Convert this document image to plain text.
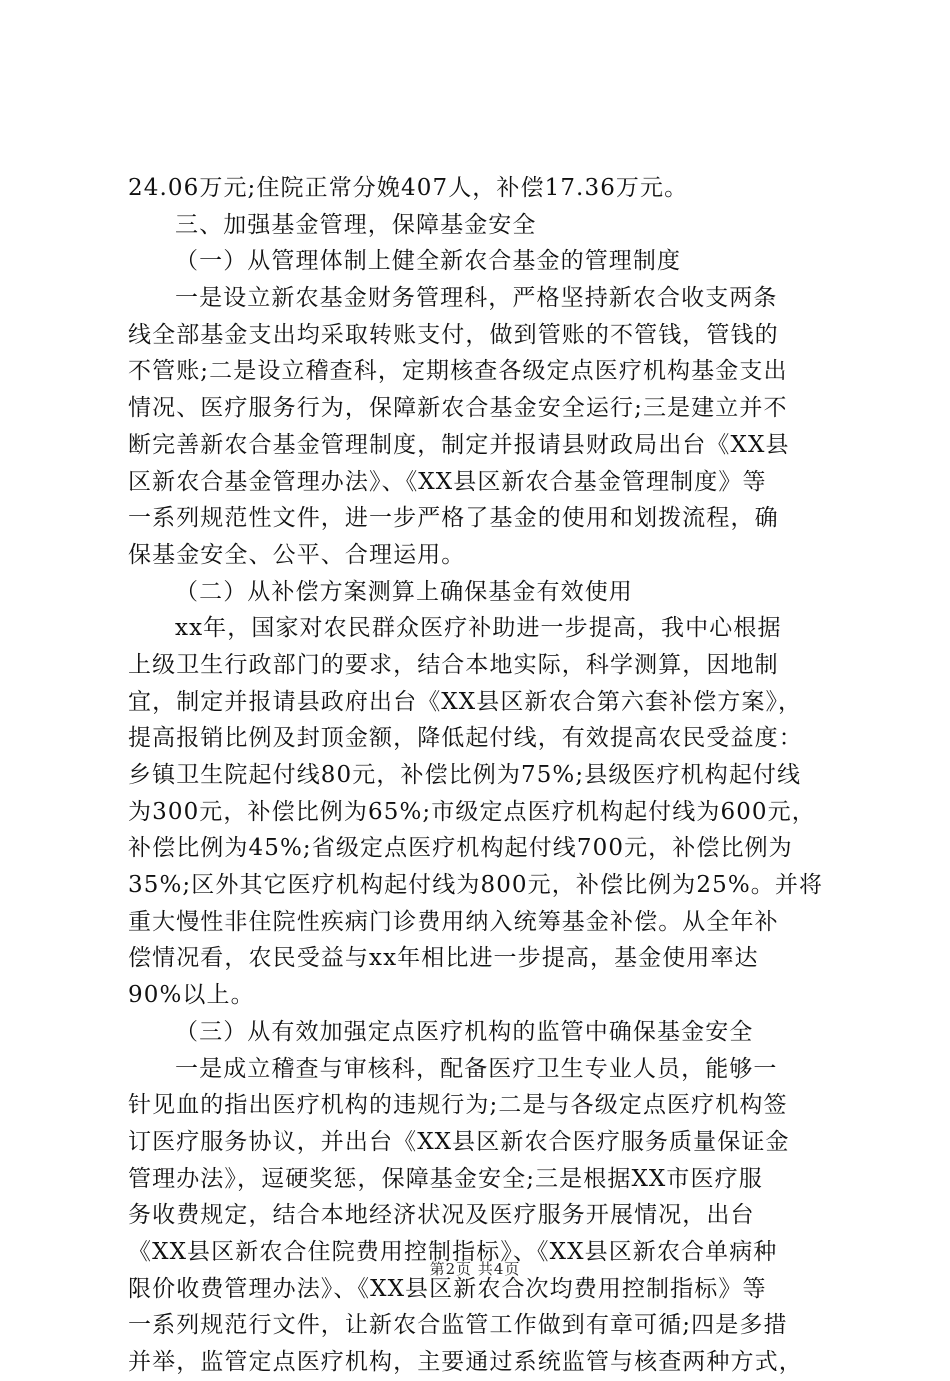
24.06万元;住院正常分娩407人，补偿17.36万元。
三、加强基金管理，保障基金安全
（一）从管理体制上健全新农合基金的管理制度
一是设立新农基金财务管理科，严格坚持新农合收支两条
线全部基金支出均采取转账支付，做到管账的不管钱，管钱的
不管账;二是设立稽查科，定期核查各级定点医疗机构基金支出
情况、医疗服务行为，保障新农合基金安全运行;三是建立并不
断完善新农合基金管理制度，制定并报请县财政局出台《XX县
区新农合基金管理办法》、《XX县区新农合基金管理制度》等
一系列规范性文件，进一步严格了基金的使用和划拨流程，确
保基金安全、公平、合理运用。
（二）从补偿方案测算上确保基金有效使用
xx年，国家对农民群众医疗补助进一步提高，我中心根据
上级卫生行政部门的要求，结合本地实际，科学测算，因地制
宜，制定并报请县政府出台《XX县区新农合第六套补偿方案》，
提高报销比例及封顶金额，降低起付线，有效提高农民受益度：
乡镇卫生院起付线80元，补偿比例为75%;县级医疗机构起付线
为300元，补偿比例为65%;市级定点医疗机构起付线为600元，
补偿比例为45%;省级定点医疗机构起付线700元，补偿比例为
35%;区外其它医疗机构起付线为800元，补偿比例为25%。并将
重大慢性非住院性疾病门诊费用纳入统筹基金补偿。从全年补
偿情况看，农民受益与xx年相比进一步提高，基金使用率达
90%以上。
（三）从有效加强定点医疗机构的监管中确保基金安全
一是成立稽查与审核科，配备医疗卫生专业人员，能够一
针见血的指出医疗机构的违规行为;二是与各级定点医疗机构签
订医疗服务协议，并出台《XX县区新农合医疗服务质量保证金
管理办法》，逗硬奖惩，保障基金安全;三是根据XX市医疗服
务收费规定，结合本地经济状况及医疗服务开展情况，出台
《XX县区新农合住院费用控制指标》、《XX县区新农合单病种
限价收费管理办法》、《XX县区新农合次均费用控制指标》等
一系列规范行文件，让新农合监管工作做到有章可循;四是多措
并举，监管定点医疗机构，主要通过系统监管与核查两种方式，
第2页 共4页
